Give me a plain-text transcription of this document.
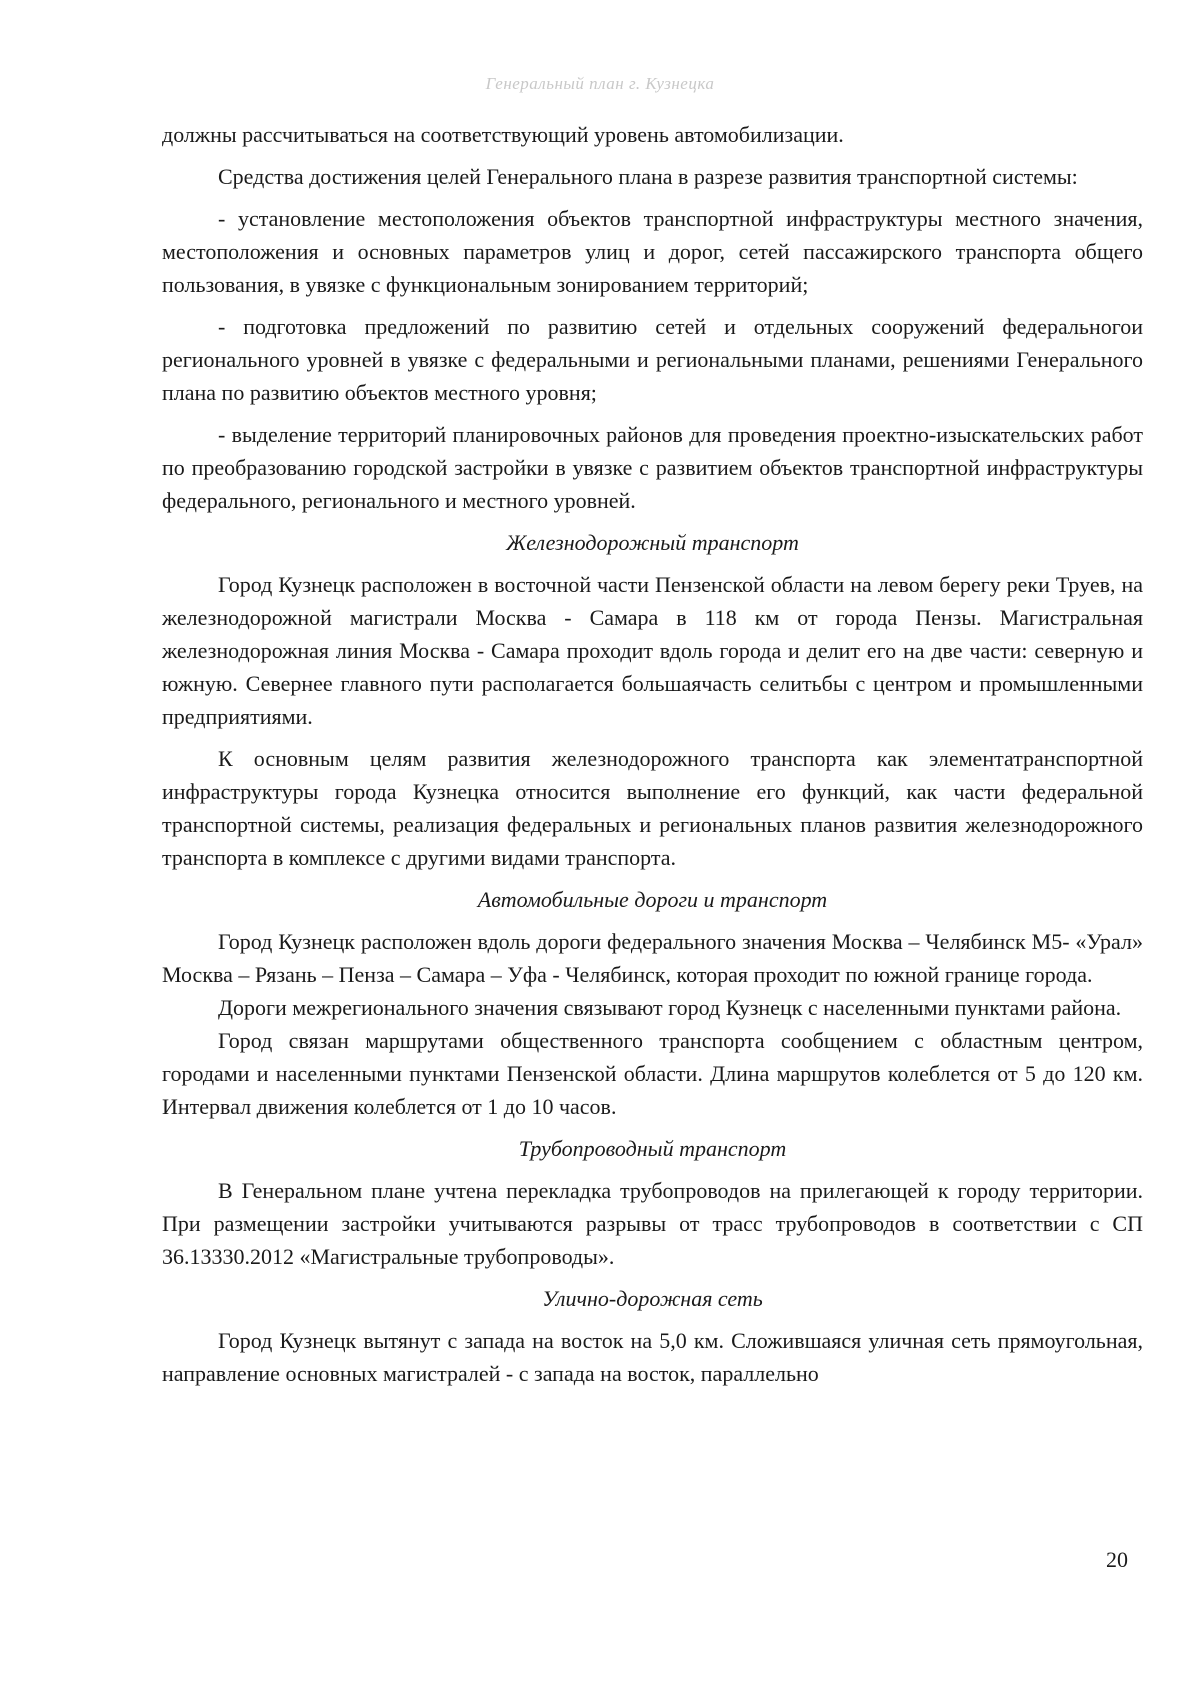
Генеральный план г. Кузнецка

должны рассчитываться на соответствующий уровень автомобилизации.

Средства достижения целей Генерального плана в разрезе развития транспортной системы:

- установление местоположения объектов транспортной инфраструктуры местного значения, местоположения и основных параметров улиц и дорог, сетей пассажирского транспорта общего пользования, в увязке с функциональным зонированием территорий;

- подготовка предложений по развитию сетей и отдельных сооружений федеральногои регионального уровней в увязке с федеральными и региональными планами, решениями Генерального плана по развитию объектов местного уровня;

- выделение территорий планировочных районов для проведения проектно-изыскательских работ по преобразованию городской застройки в увязке с развитием объектов транспортной инфраструктуры федерального, регионального и местного уровней.

Железнодорожный транспорт

Город Кузнецк расположен в восточной части Пензенской области на левом берегу реки Труев, на железнодорожной магистрали Москва - Самара в 118 км от города Пензы. Магистральная железнодорожная линия Москва - Самара проходит вдоль города и делит его на две части: северную и южную. Севернее главного пути располагается большаячасть селитьбы с центром и промышленными предприятиями.

К основным целям развития железнодорожного транспорта как элементатранспортной инфраструктуры города Кузнецка относится выполнение его функций, как части федеральной транспортной системы, реализация федеральных и региональных планов развития железнодорожного транспорта в комплексе с другими видами транспорта.

Автомобильные дороги и транспорт

Город Кузнецк расположен вдоль дороги федерального значения Москва – Челябинск М5- «Урал» Москва – Рязань – Пенза – Самара – Уфа - Челябинск, которая проходит по южной границе города.

Дороги межрегионального значения связывают город Кузнецк с населенными пунктами района.

Город связан маршрутами общественного транспорта сообщением с областным центром, городами и населенными пунктами Пензенской области. Длина маршрутов колеблется от 5 до 120 км. Интервал движения колеблется от 1 до 10 часов.

Трубопроводный транспорт

В Генеральном плане учтена перекладка трубопроводов на прилегающей к городу территории. При размещении застройки учитываются разрывы от трасс трубопроводов в соответствии с СП 36.13330.2012 «Магистральные трубопроводы».

Улично-дорожная сеть

Город Кузнецк вытянут с запада на восток на 5,0 км. Сложившаяся уличная сеть прямоугольная, направление основных магистралей - с запада на восток, параллельно

20
